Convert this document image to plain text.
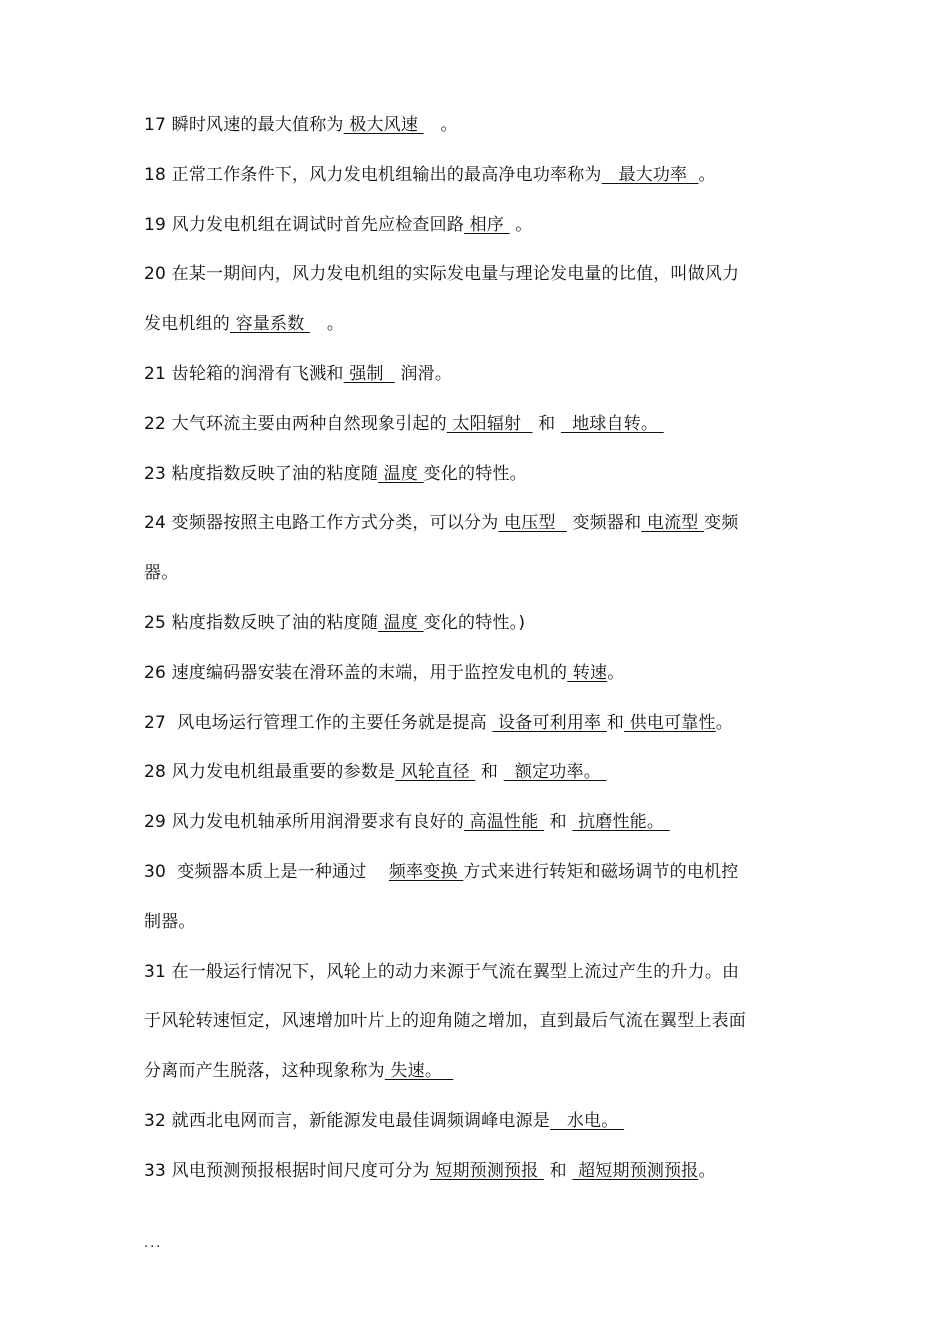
17 瞬时风速的最大值称为 极大风速    。
18 正常工作条件下，风力发电机组输出的最高净电功率称为   最大功率  。
19 风力发电机组在调试时首先应检查回路 相序  。
20 在某一期间内，风力发电机组的实际发电量与理论发电量的比值，叫做风力
发电机组的 容量系数    。
21 齿轮箱的润滑有飞溅和 强制   润滑。
22 大气环流主要由两种自然现象引起的 太阳辐射   和   地球自转。
23 粘度指数反映了油的粘度随 温度 变化的特性。
24 变频器按照主电路工作方式分类，可以分为 电压型   变频器和 电流型 变频
器。
25 粘度指数反映了油的粘度随 温度 变化的特性。)
26 速度编码器安装在滑环盖的末端，用于监控发电机的 转速。
27  风电场运行管理工作的主要任务就是提高  设备可利用率 和 供电可靠性。
28 风力发电机组最重要的参数是 风轮直径  和   额定功率。
29 风力发电机轴承所用润滑要求有良好的 高温性能  和  抗磨性能。
30  变频器本质上是一种通过    频率变换 方式来进行转矩和磁场调节的电机控
制器。
31 在一般运行情况下，风轮上的动力来源于气流在翼型上流过产生的升力。由
于风轮转速恒定，风速增加叶片上的迎角随之增加，直到最后气流在翼型上表面
分离而产生脱落，这种现象称为 失速。
32 就西北电网而言，新能源发电最佳调频调峰电源是   水电。
33 风电预测预报根据时间尺度可分为 短期预测预报  和  超短期预测预报。
...
